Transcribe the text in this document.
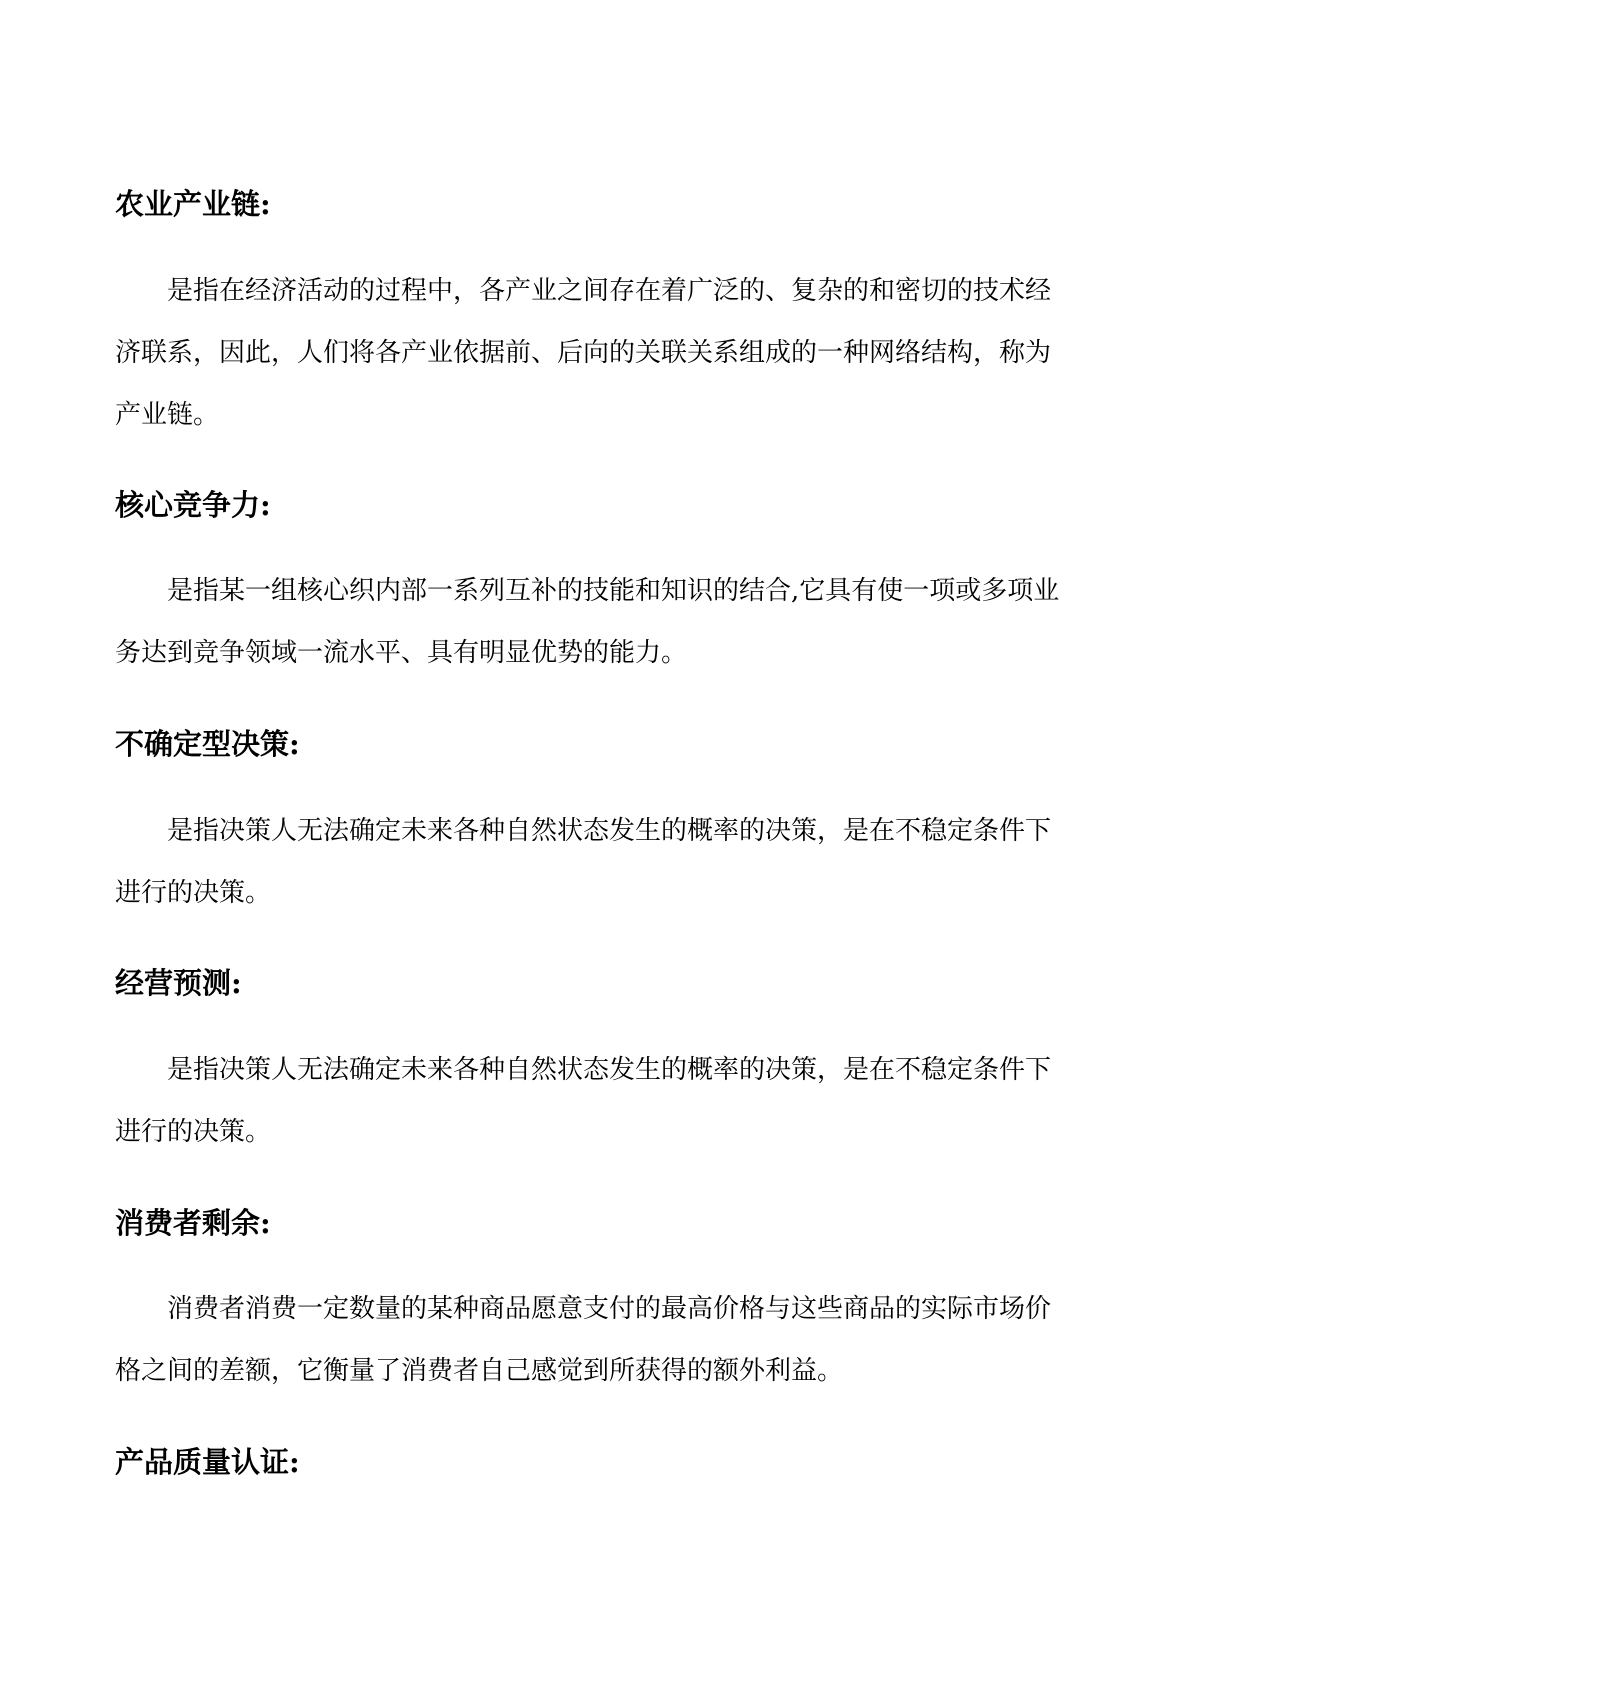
农业产业链:

是指在经济活动的过程中，各产业之间存在着广泛的、复杂的和密切的技术经济联系，因此，人们将各产业依据前、后向的关联关系组成的一种网络结构，称为产业链。

核心竞争力:

是指某一组核心织内部一系列互补的技能和知识的结合,它具有使一项或多项业务达到竞争领域一流水平、具有明显优势的能力。

不确定型决策:

是指决策人无法确定未来各种自然状态发生的概率的决策，是在不稳定条件下进行的决策。

经营预测:

是指决策人无法确定未来各种自然状态发生的概率的决策，是在不稳定条件下进行的决策。

消费者剩余:

消费者消费一定数量的某种商品愿意支付的最高价格与这些商品的实际市场价格之间的差额，它衡量了消费者自己感觉到所获得的额外利益。

产品质量认证:
